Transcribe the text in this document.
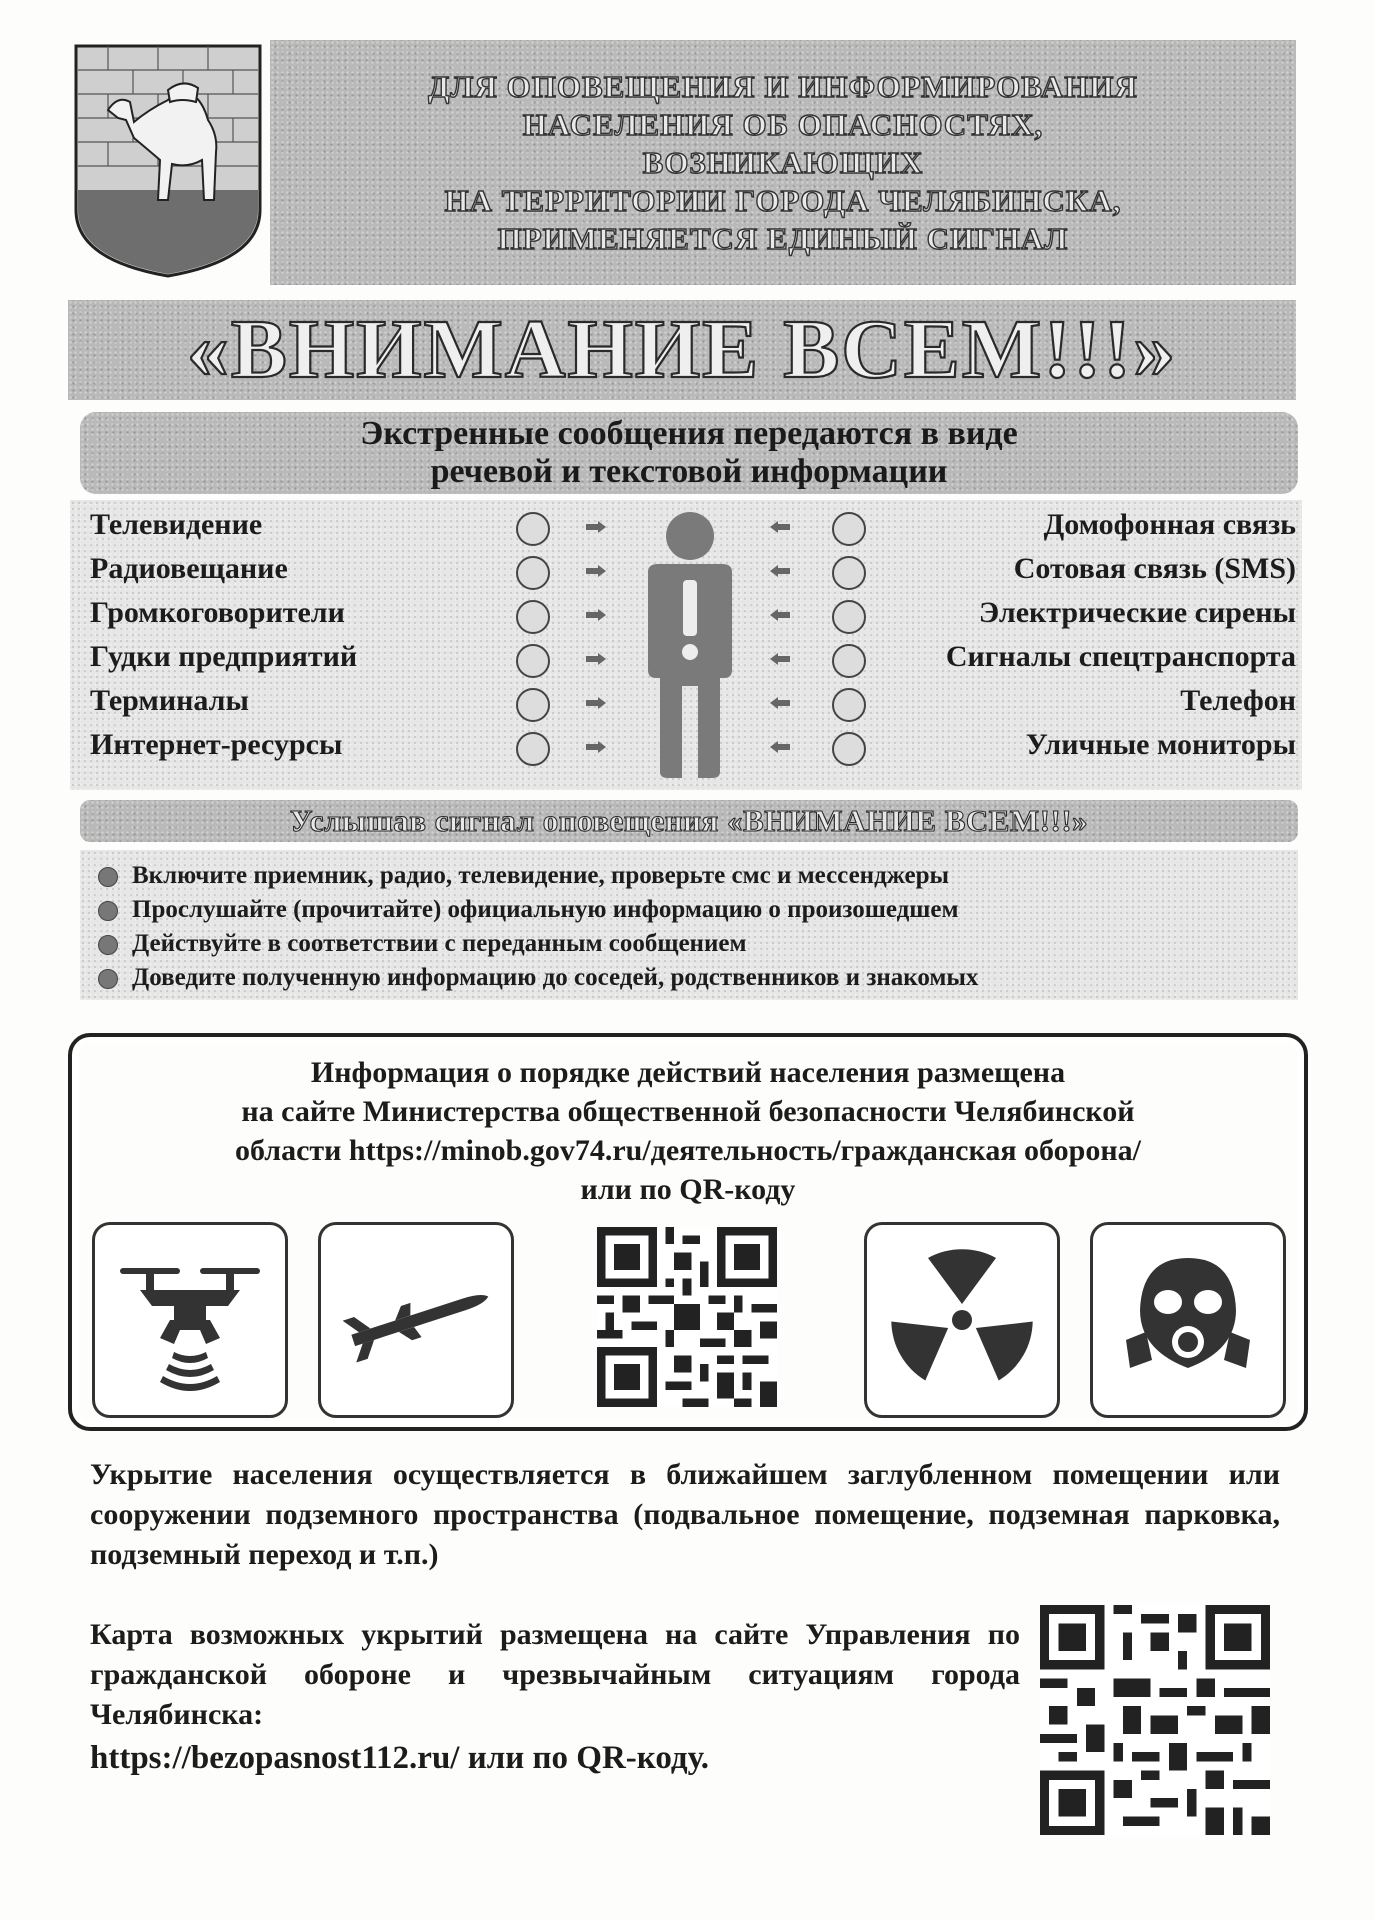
ДЛЯ ОПОВЕЩЕНИЯ И ИНФОРМИРОВАНИЯ
НАСЕЛЕНИЯ ОБ ОПАСНОСТЯХ,
ВОЗНИКАЮЩИХ
НА ТЕРРИТОРИИ ГОРОДА ЧЕЛЯБИНСКА,
ПРИМЕНЯЕТСЯ ЕДИНЫЙ СИГНАЛ

«ВНИМАНИЕ ВСЕМ!!!»

Экстренные сообщения передаются в виде
речевой и текстовой информации

Телевидение
Радиовещание
Громкоговорители
Гудки предприятий
Терминалы
Интернет-ресурсы
Домофонная связь
Сотовая связь (SMS)
Электрические сирены
Сигналы спецтранспорта
Телефон
Уличные мониторы

Услышав сигнал оповещения «ВНИМАНИЕ ВСЕМ!!!»

Включите приемник, радио, телевидение, проверьте смс и мессенджеры
Прослушайте (прочитайте) официальную информацию о произошедшем
Действуйте в соответствии с переданным сообщением
Доведите полученную информацию до соседей, родственников и знакомых

Информация о порядке действий населения размещена
на сайте Министерства общественной безопасности Челябинской
области https://minob.gov74.ru/деятельность/гражданская оборона/
или по QR-коду

Укрытие населения осуществляется в ближайшем заглубленном помещении или сооружении подземного пространства (подвальное помещение, подземная парковка, подземный переход и т.п.)

Карта возможных укрытий размещена на сайте Управления по гражданской обороне и чрезвычайным ситуациям города Челябинска:

https://bezopasnost112.ru/ или по QR-коду.
